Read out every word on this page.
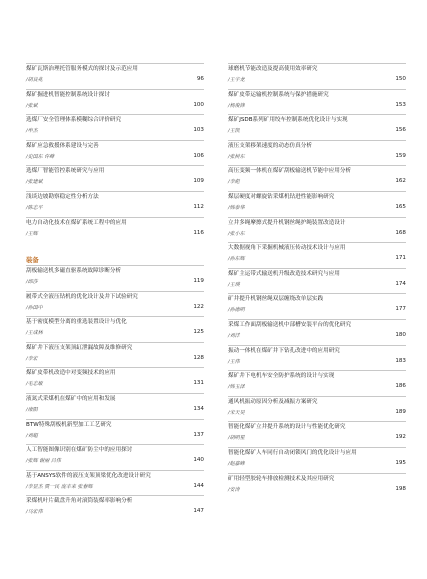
煤矿瓦斯治理托管服务模式的探讨及示范应用
/胡良兆	96
煤矿掘进机智能控制系统设计探讨
/张斌	100
选煤厂安全管理体系模糊综合评价研究
/申杰	103
煤矿应急救援体系建设与完善
/史国东 许峰	106
选煤厂智能管控系统研究与应用
/张建斌	109
浅谈边坡勘察稳定性分析方法
/陈志平	112
电力自动化技术在煤矿系统工程中的应用
/王辉	116
装备
刮板输送机多磁直驱系统故障诊断分析
/邱莎	119
履带式全液压钻机的优化设计及井下试验研究
/孙国中	122
基于密度模型分离的重选装置设计与优化
/王成林	125
煤矿井下液压支架顶缸泄漏故障及维修研究
/李宏	128
煤矿皮带机改造中对变频技术的应用
/毛志敏	131
液氮式采煤机在煤矿中的应用和发展
/康阳	134
BTW特殊刮板机新型加工工艺研究
/刘超	137
人工智能图像识别在煤矿防尘中的应用探讨
/张辉 谢丽 吕伟	140
基于ANSYS软件的液压支架顶梁优化改进设计研究
/李显杰 贾一民 庞丰来 张春辉	144
采煤机叶片截盘升角对滚筒装煤率影响分析
/马宏伟	147
球磨机节能改造及提高使用效率研究
/王宇龙	150
煤矿皮带运输机控制系统与保护措施研究
/杨俊锋	153
煤矿JSDB系列矿用绞车控制系统优化设计与实现
/王凯	156
液压支架移架速度的动态仿真分析
/张树东	159
高压变频一体机在煤矿刮板输送机节能中应用分析
/李彪	162
煤层硬度对螺旋钻采煤机钻进性能影响研究
/韩泰华	165
立井多绳摩擦式提升机钢丝绳护绳装置改造设计
/张小东	168
大数据视角下采掘机械液压传动技术设计与应用
/孙东辉	171
煤矿主运带式输送机升级改造技术研究与应用
/王瑛	174
矿井提升机钢丝绳双层缠绕改单层实践
/孙德明	177
采煤工作面刮板输送机中部槽安装平台的优化研究
/刘洋	180
振动一体机在煤矿井下钻孔改进中的应用研究
/王伟	183
煤矿井下电机车安全防护系统的设计与实现
/韩玉泽	186
通风机振动原因分析及减振方案研究
/宋天昊	189
智能化煤矿立井提升系统的设计与性能优化研究
/胡明星	192
智能化煤矿人车同行自动闭锁风门的优化设计与应用
/赵嘉峰	195
矿用轻型胶轮车排放检测技术及其应用研究
/安涛	198
